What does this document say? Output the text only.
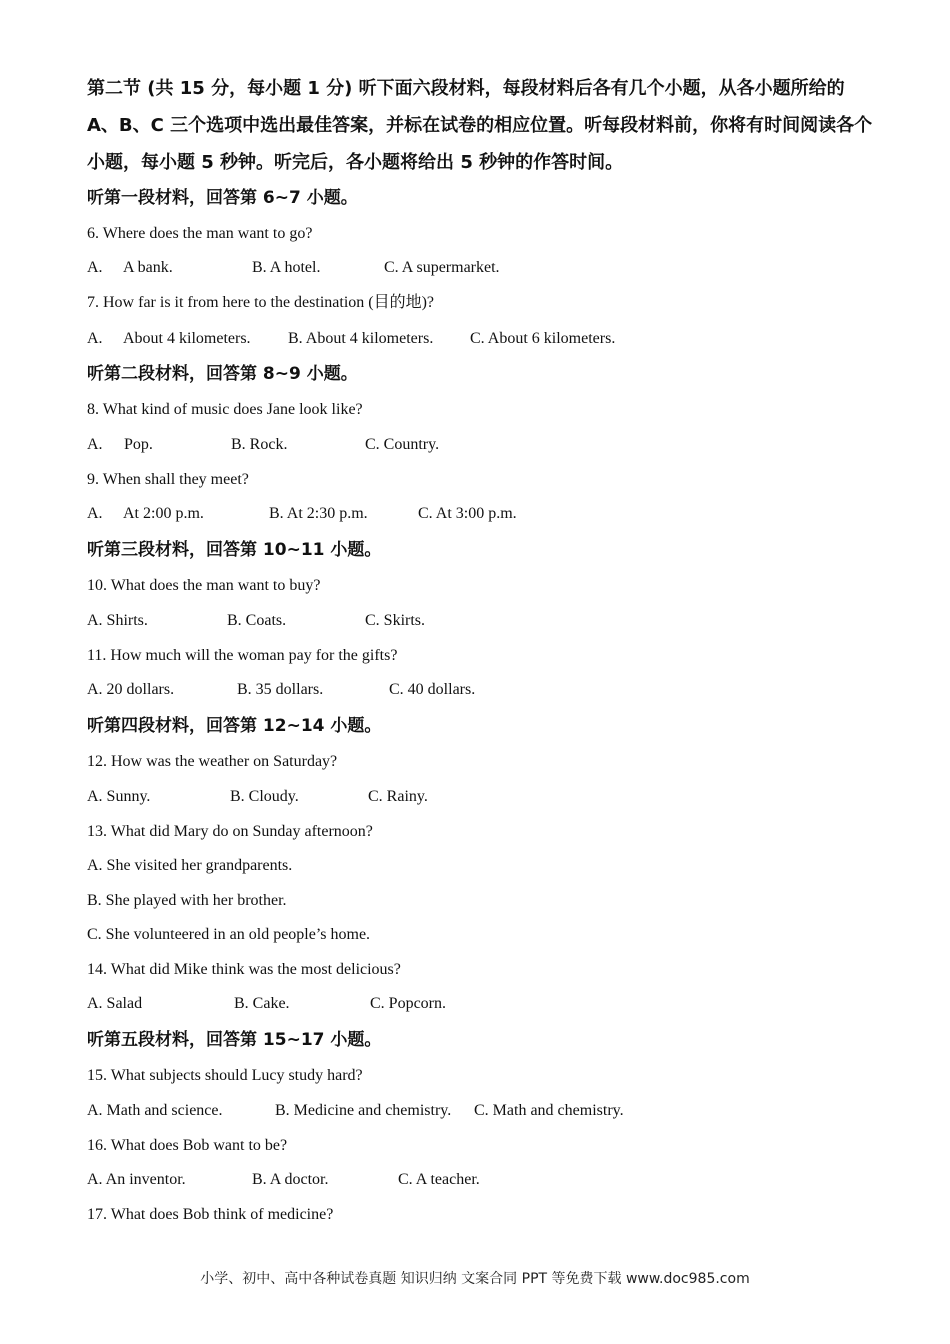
第二节 (共 15 分，每小题 1 分) 听下面六段材料，每段材料后各有几个小题，从各小题所给的 A、B、C 三个选项中选出最佳答案，并标在试卷的相应位置。听每段材料前，你将有时间阅读各个小题，每小题 5 秒钟。听完后，各小题将给出 5 秒钟的作答时间。

听第一段材料，回答第 6~7 小题。

6. Where does the man want to go?

A. A bank.	B. A hotel.	C. A supermarket.

7. How far is it from here to the destination (目的地)?

A. About 4 kilometers. B. About 4 kilometers. C. About 6 kilometers.

听第二段材料，回答第 8~9 小题。

8. What kind of music does Jane look like?

A. Pop.	B. Rock.	C. Country.

9. When shall they meet?

A. At 2:00 p.m.	B. At 2:30 p.m.	C. At 3:00 p.m.

听第三段材料，回答第 10~11 小题。

10. What does the man want to buy?

A. Shirts.	B. Coats.	C. Skirts.

11. How much will the woman pay for the gifts?

A. 20 dollars.	B. 35 dollars.	C. 40 dollars.

听第四段材料，回答第 12~14 小题。

12. How was the weather on Saturday?

A. Sunny.	B. Cloudy.	C. Rainy.

13. What did Mary do on Sunday afternoon?

A. She visited her grandparents.

B. She played with her brother.

C. She volunteered in an old people’s home.

14. What did Mike think was the most delicious?

A. Salad	B. Cake.	C. Popcorn.

听第五段材料，回答第 15~17 小题。

15. What subjects should Lucy study hard?

A. Math and science.	B. Medicine and chemistry. C. Math and chemistry.

16. What does Bob want to be?

A. An inventor.	B. A doctor.	C. A teacher.

17. What does Bob think of medicine?

小学、初中、高中各种试卷真题 知识归纳 文案合同 PPT 等免费下载 www.doc985.com
